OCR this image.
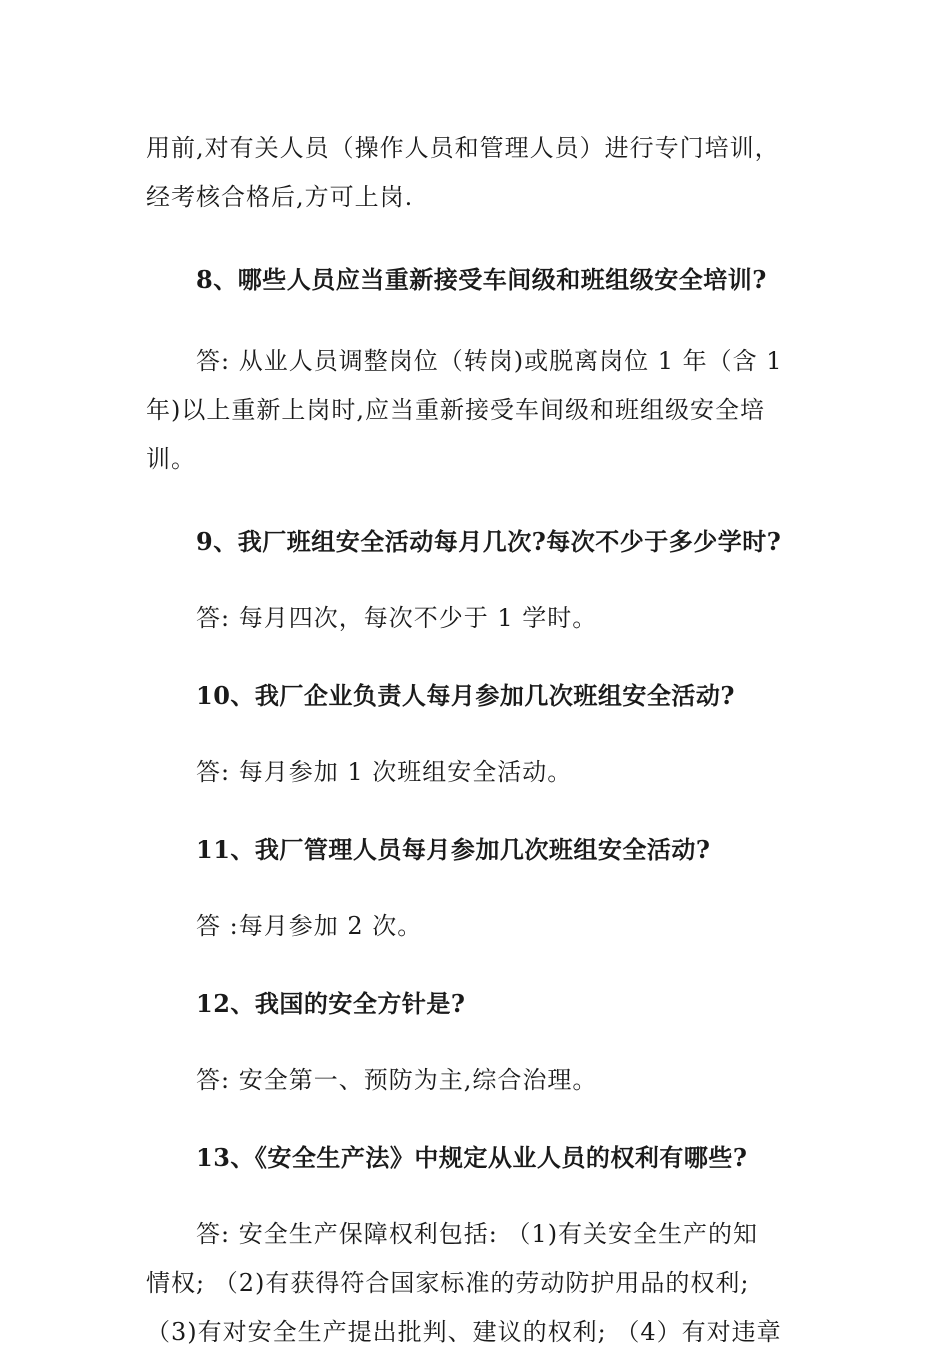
用前,对有关人员（操作人员和管理人员）进行专门培训，
经考核合格后,方可上岗.
8、哪些人员应当重新接受车间级和班组级安全培训?
答: 从业人员调整岗位（转岗)或脱离岗位 1 年（含 1
年)以上重新上岗时,应当重新接受车间级和班组级安全培
训。
9、我厂班组安全活动每月几次?每次不少于多少学时?
答: 每月四次，每次不少于 1 学时。
10、我厂企业负责人每月参加几次班组安全活动?
答: 每月参加 1 次班组安全活动。
11、我厂管理人员每月参加几次班组安全活动?
答 :每月参加 2 次。
12、我国的安全方针是?
答: 安全第一、预防为主,综合治理。
13、《安全生产法》中规定从业人员的权利有哪些?
答: 安全生产保障权利包括: （1)有关安全生产的知
情权; （2)有获得符合国家标准的劳动防护用品的权利;
（3)有对安全生产提出批判、建议的权利; （4）有对违章
